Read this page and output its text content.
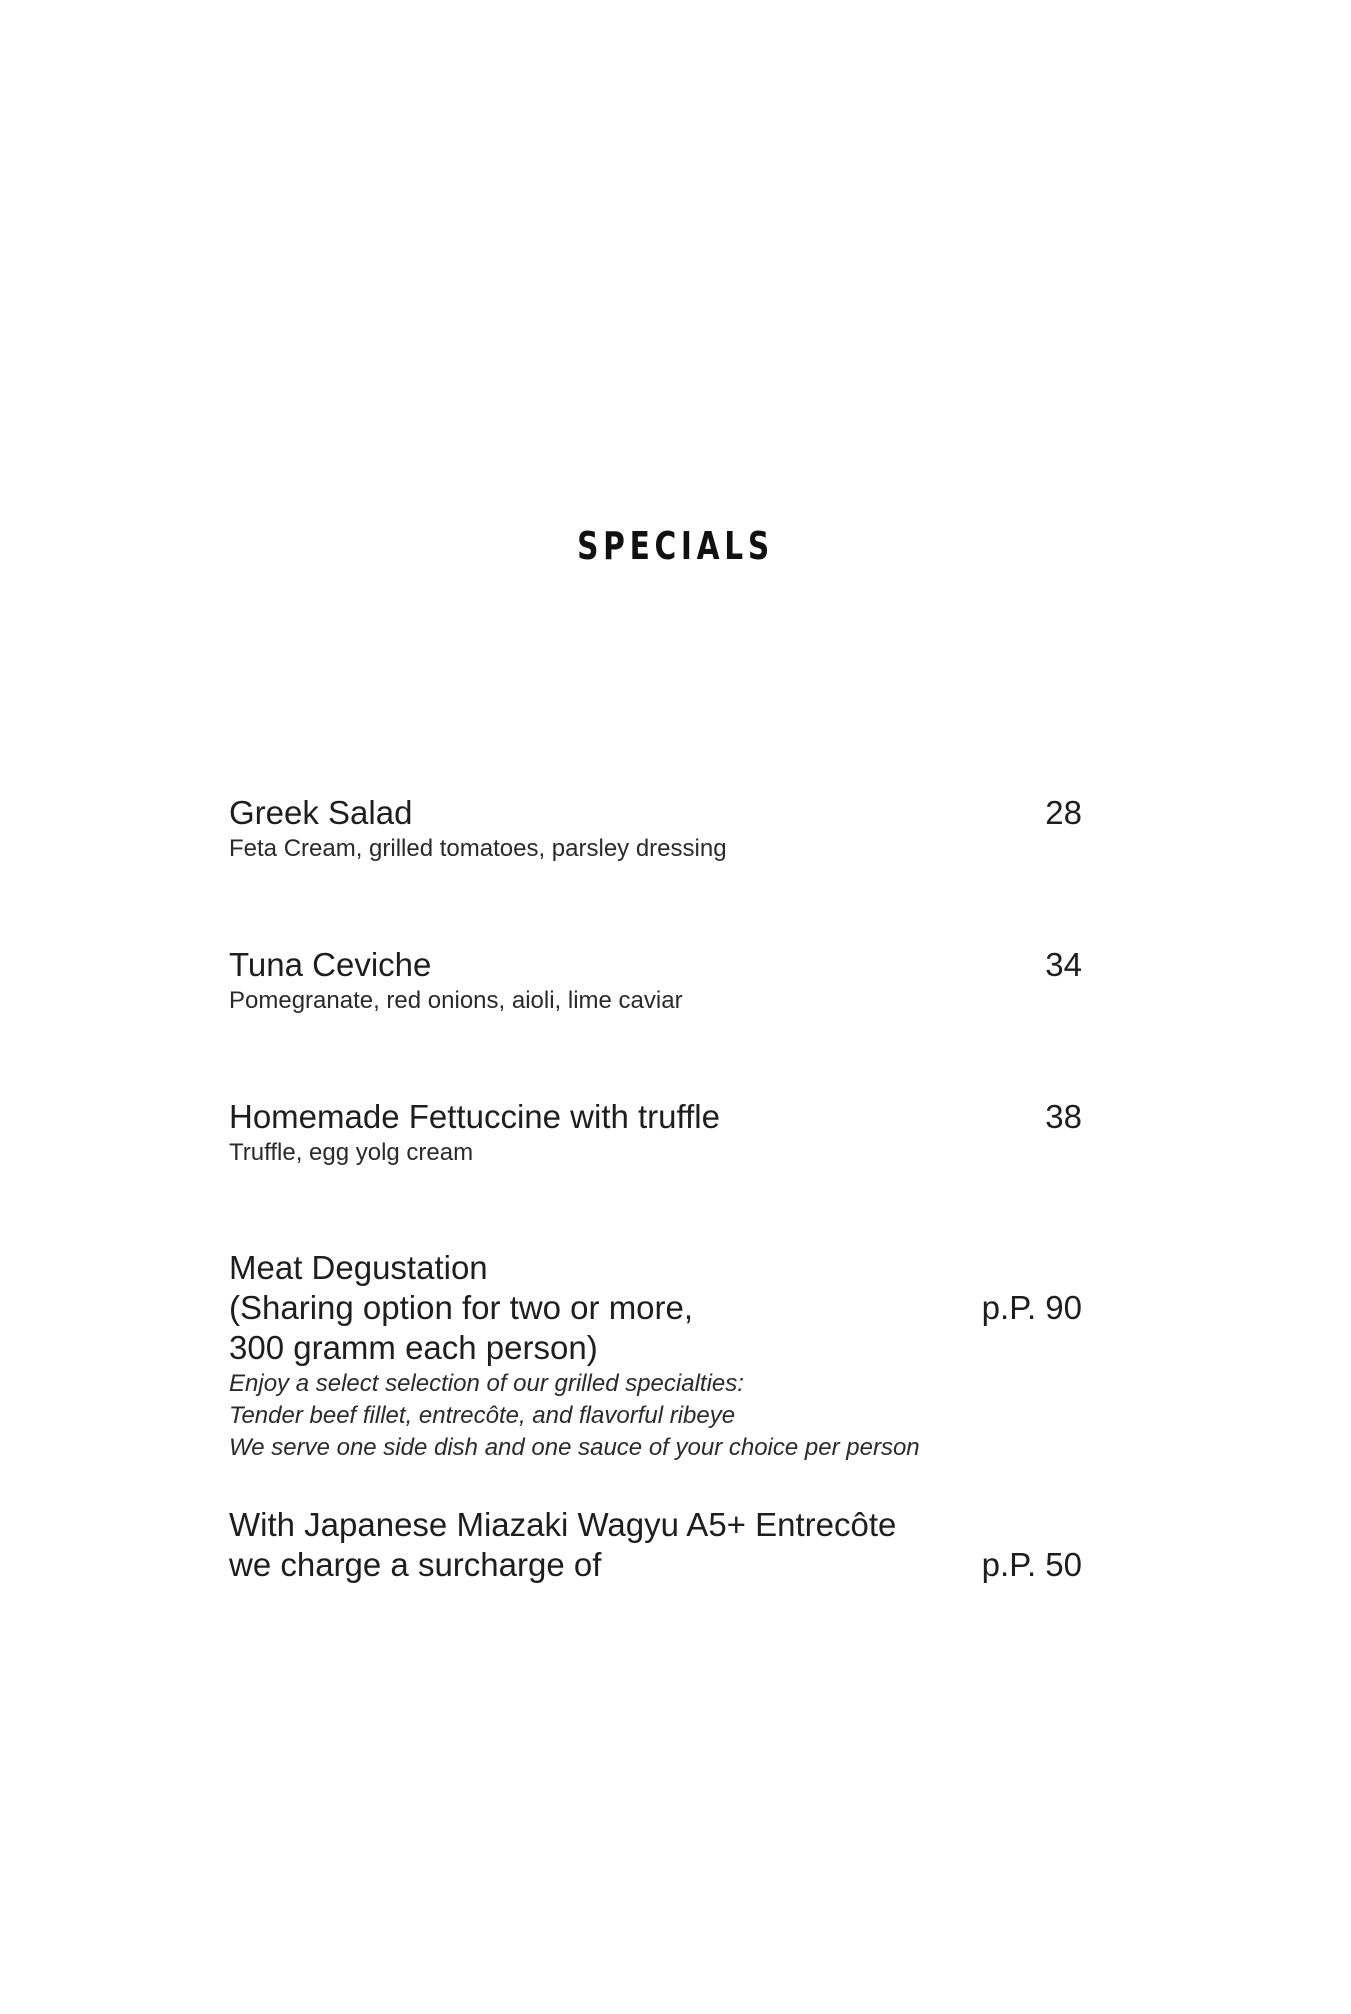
SPECIALS
Greek Salad	28
Feta Cream, grilled tomatoes, parsley dressing
Tuna Ceviche	34
Pomegranate, red onions, aioli, lime caviar
Homemade Fettuccine with truffle	38
Truffle, egg yolg cream
Meat Degustation
(Sharing option for two or more,	p.P. 90
300 gramm each person)
Enjoy a select selection of our grilled specialties:
Tender beef fillet, entrecôte, and flavorful ribeye
We serve one side dish and one sauce of your choice per person
With Japanese Miazaki Wagyu A5+ Entrecôte
we charge a surcharge of	p.P. 50
